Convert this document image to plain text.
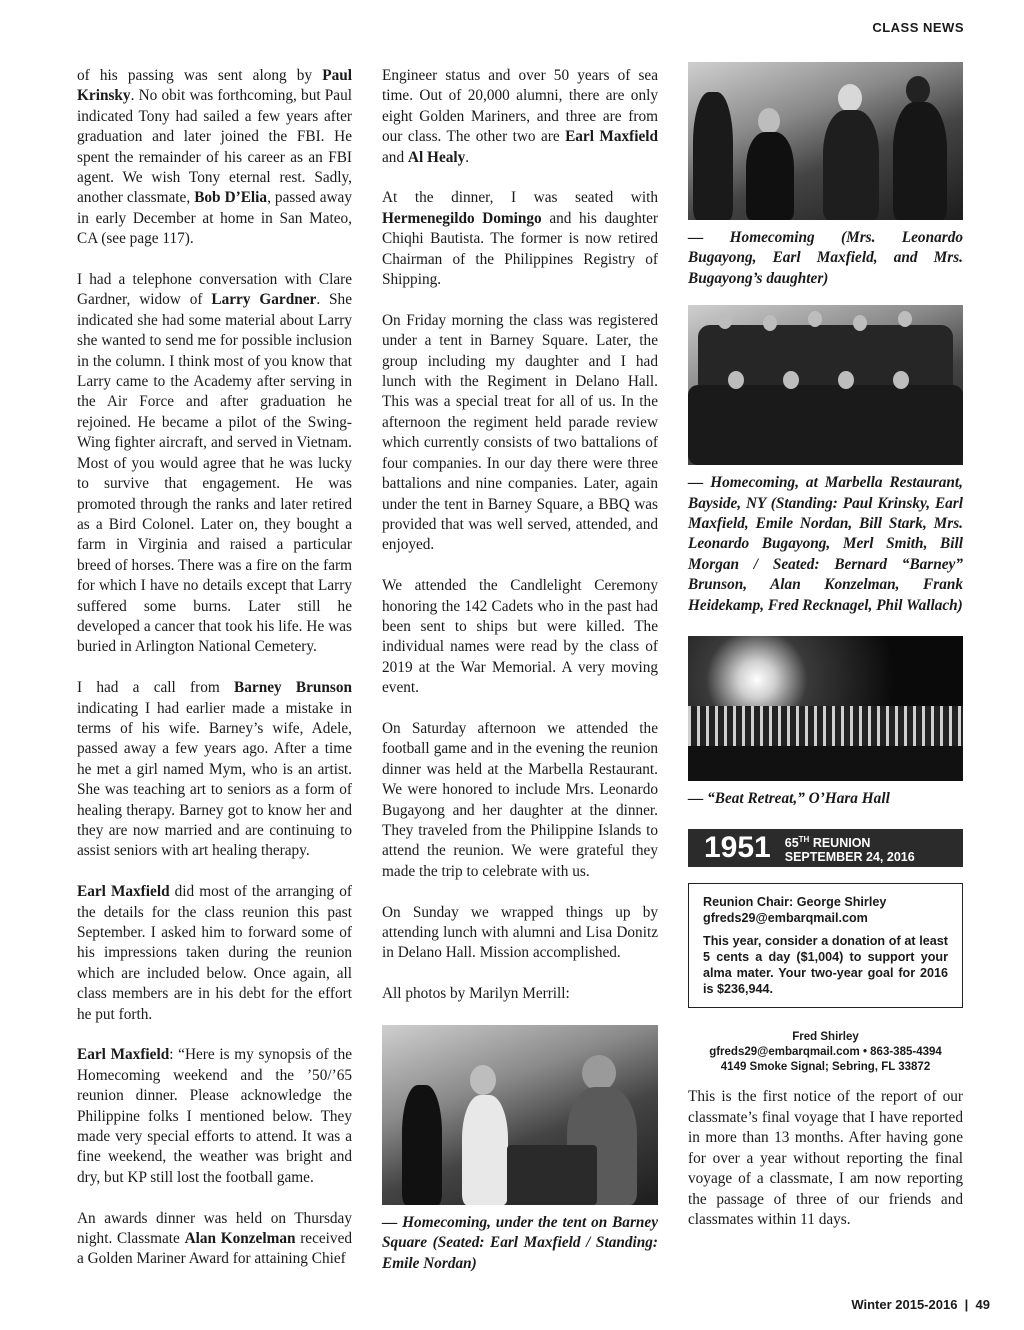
CLASS NEWS

of his passing was sent along by Paul Krinsky. No obit was forthcoming, but Paul indicated Tony had sailed a few years after graduation and later joined the FBI. He spent the remainder of his career as an FBI agent. We wish Tony eternal rest. Sadly, another classmate, Bob D’Elia, passed away in early December at home in San Mateo, CA (see page 117).

I had a telephone conversation with Clare Gardner, widow of Larry Gardner. She indicated she had some material about Larry she wanted to send me for possible inclusion in the column. I think most of you know that Larry came to the Academy after serving in the Air Force and after graduation he rejoined. He became a pilot of the Swing-Wing fighter aircraft, and served in Vietnam. Most of you would agree that he was lucky to survive that engagement. He was promoted through the ranks and later retired as a Bird Colonel. Later on, they bought a farm in Virginia and raised a particular breed of horses. There was a fire on the farm for which I have no details except that Larry suffered some burns. Later still he developed a cancer that took his life. He was buried in Arlington National Cemetery.

I had a call from Barney Brunson indicating I had earlier made a mistake in terms of his wife. Barney’s wife, Adele, passed away a few years ago. After a time he met a girl named Mym, who is an artist. She was teaching art to seniors as a form of healing therapy. Barney got to know her and they are now married and are continuing to assist seniors with art healing therapy.

Earl Maxfield did most of the arranging of the details for the class reunion this past September. I asked him to forward some of his impressions taken during the reunion which are included below. Once again, all class members are in his debt for the effort he put forth.

Earl Maxfield: “Here is my synopsis of the Homecoming weekend and the ’50/’65 reunion dinner. Please acknowledge the Philippine folks I mentioned below. They made very special efforts to attend. It was a fine weekend, the weather was bright and dry, but KP still lost the football game.

An awards dinner was held on Thursday night. Classmate Alan Konzelman received a Golden Mariner Award for attaining Chief

Engineer status and over 50 years of sea time. Out of 20,000 alumni, there are only eight Golden Mariners, and three are from our class. The other two are Earl Maxfield and Al Healy.

At the dinner, I was seated with Hermenegildo Domingo and his daughter Chiqhi Bautista. The former is now retired Chairman of the Philippines Registry of Shipping.

On Friday morning the class was registered under a tent in Barney Square. Later, the group including my daughter and I had lunch with the Regiment in Delano Hall. This was a special treat for all of us. In the afternoon the regiment held parade review which currently consists of two battalions of four companies. In our day there were three battalions and nine companies. Later, again under the tent in Barney Square, a BBQ was provided that was well served, attended, and enjoyed.

We attended the Candlelight Ceremony honoring the 142 Cadets who in the past had been sent to ships but were killed. The individual names were read by the class of 2019 at the War Memorial. A very moving event.

On Saturday afternoon we attended the football game and in the evening the reunion dinner was held at the Marbella Restaurant. We were honored to include Mrs. Leonardo Bugayong and her daughter at the dinner. They traveled from the Philippine Islands to attend the reunion. We were grateful they made the trip to celebrate with us.

On Sunday we wrapped things up by attending lunch with alumni and Lisa Donitz in Delano Hall. Mission accomplished.

All photos by Marilyn Merrill:

— Homecoming, under the tent on Barney Square (Seated: Earl Maxfield / Standing: Emile Nordan)
— Homecoming (Mrs. Leonardo Bugayong, Earl Maxfield, and Mrs. Bugayong’s daughter)
— Homecoming, at Marbella Restaurant, Bayside, NY (Standing: Paul Krinsky, Earl Maxfield, Emile Nordan, Bill Stark, Mrs. Leonardo Bugayong, Merl Smith, Bill Morgan / Seated: Bernard “Barney” Brunson, Alan Konzelman, Frank Heidekamp, Fred Recknagel, Phil Wallach)
— “Beat Retreat,” O’Hara Hall
1951 65TH REUNION
SEPTEMBER 24, 2016
Reunion Chair: George Shirley
gfreds29@embarqmail.com
This year, consider a donation of at least 5 cents a day ($1,004) to support your alma mater. Your two-year goal for 2016 is $236,944.
Fred Shirley
gfreds29@embarqmail.com • 863-385-4394
4149 Smoke Signal; Sebring, FL 33872

This is the first notice of the report of our classmate’s final voyage that I have reported in more than 13 months. After having gone for over a year without reporting the final voyage of a classmate, I am now reporting the passage of three of our friends and classmates within 11 days.

Winter 2015-2016 | 49
